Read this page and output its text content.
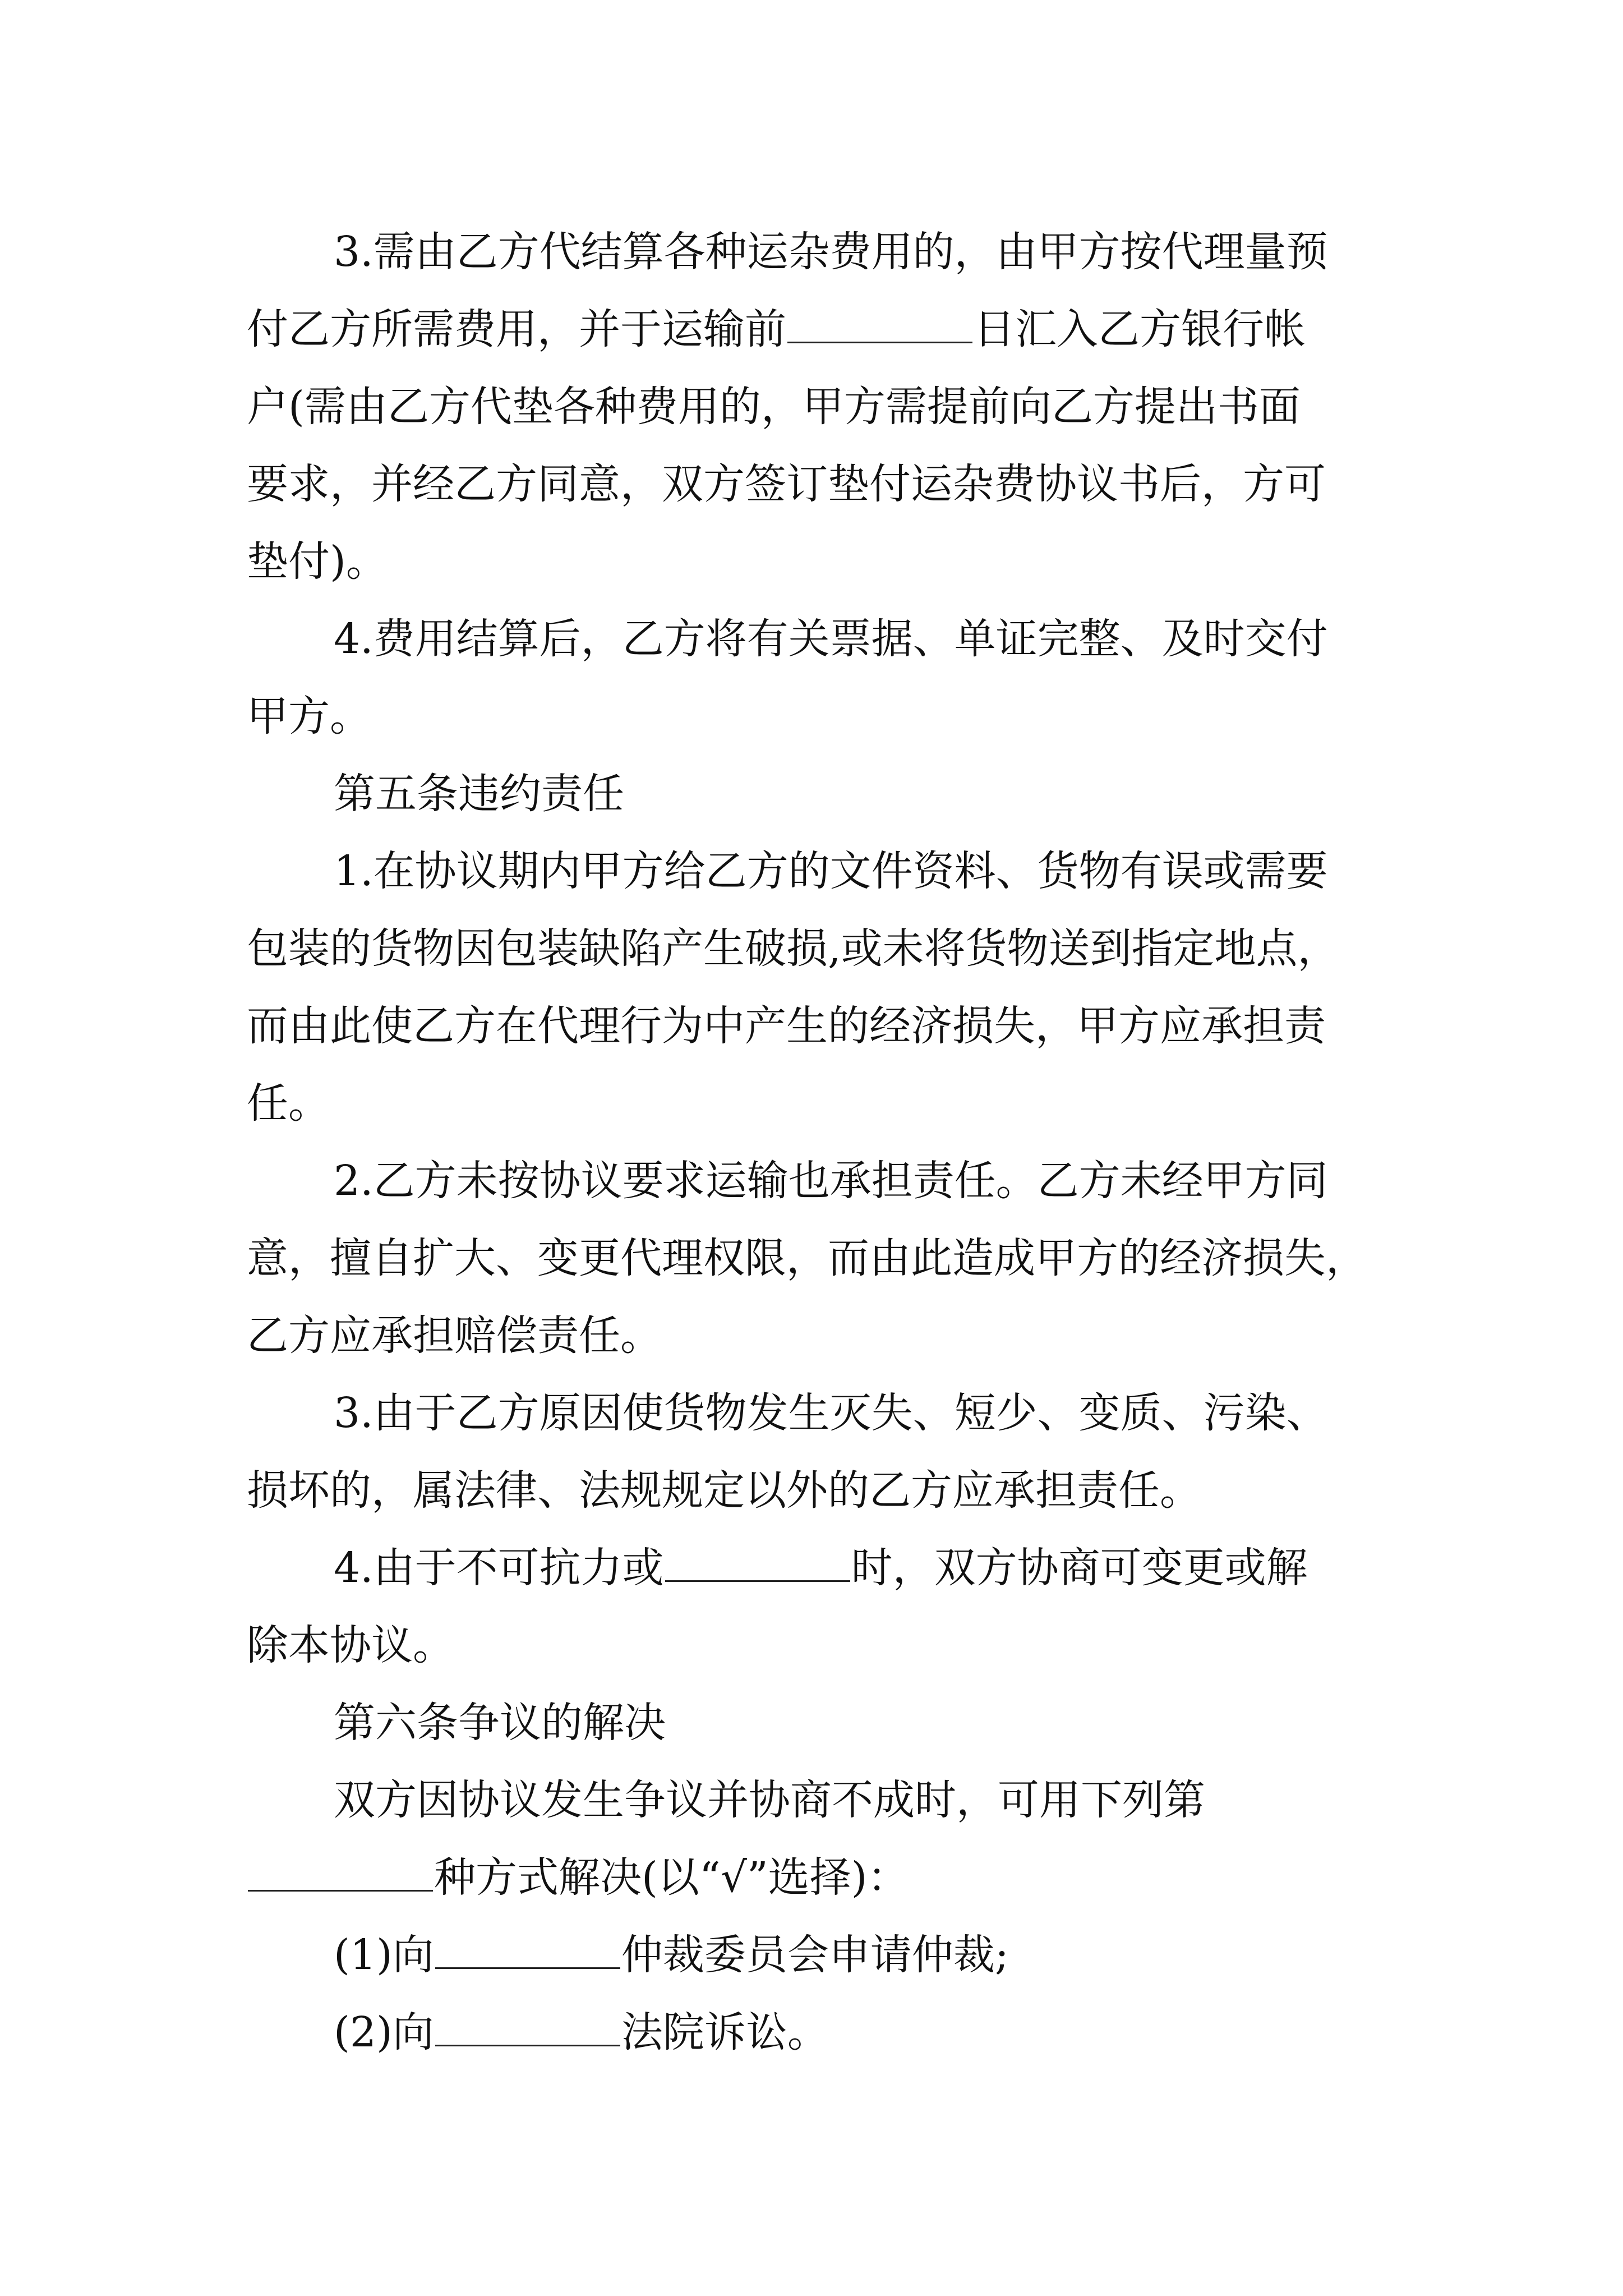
3.需由乙方代结算各种运杂费用的，由甲方按代理量预
付乙方所需费用，并于运输前	日汇入乙方银行帐
户(需由乙方代垫各种费用的，甲方需提前向乙方提出书面
要求，并经乙方同意，双方签订垫付运杂费协议书后，方可
垫付)。
4.费用结算后，乙方将有关票据、单证完整、及时交付
甲方。
第五条违约责任
1.在协议期内甲方给乙方的文件资料、货物有误或需要
包装的货物因包装缺陷产生破损,或未将货物送到指定地点，
而由此使乙方在代理行为中产生的经济损失，甲方应承担责
任。
2.乙方未按协议要求运输也承担责任。乙方未经甲方同
意，擅自扩大、变更代理权限，而由此造成甲方的经济损失，
乙方应承担赔偿责任。
3.由于乙方原因使货物发生灭失、短少、变质、污染、
损坏的，属法律、法规规定以外的乙方应承担责任。
4.由于不可抗力或	时，双方协商可变更或解
除本协议。
第六条争议的解决
双方因协议发生争议并协商不成时，可用下列第
种方式解决(以“√”选择)：
(1)向	仲裁委员会申请仲裁;
(2)向	法院诉讼。
